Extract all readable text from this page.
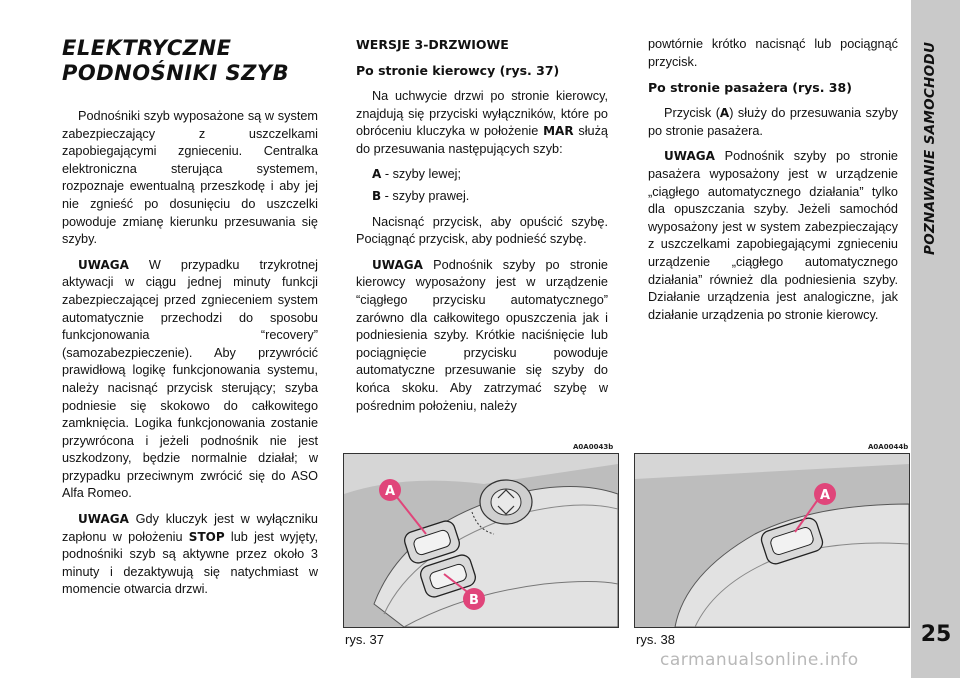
POZNAWANIE SAMOCHODU
25
ELEKTRYCZNE
PODNOŚNIKI SZYB

Podnośniki szyb wyposażone są w system zabezpieczający z uszczelkami zapobiegającymi zgnieceniu. Centralka elektroniczna sterująca systemem, rozpoznaje ewentualną przeszkodę i aby jej nie zgnieść po dosunięciu do uszczelki powoduje zmianę kierunku przesuwania się szyby.

UWAGA W przypadku trzykrotnej aktywacji w ciągu jednej minuty funkcji zabezpieczającej przed zgnieceniem system automatycznie przechodzi do sposobu funkcjonowania “recovery” (samozabezpieczenie). Aby przywrócić prawidłową logikę funkcjonowania systemu, należy nacisnąć przycisk sterujący; szyba podniesie się skokowo do całkowitego zamknięcia. Logika funkcjonowania zostanie przywrócona i jeżeli podnośnik nie jest uszkodzony, będzie normalnie działał; w przypadku przeciwnym zwrócić się do ASO Alfa Romeo.

UWAGA Gdy kluczyk jest w wyłączniku zapłonu w położeniu STOP lub jest wyjęty, podnośniki szyb są aktywne przez około 3 minuty i dezaktywują się natychmiast w momencie otwarcia drzwi.

WERSJE 3-DRZWIOWE
Po stronie kierowcy (rys. 37)

Na uchwycie drzwi po stronie kierowcy, znajdują się przyciski wyłączników, które po obróceniu kluczyka w położenie MAR służą do przesuwania następujących szyb:

A - szyby lewej;
B - szyby prawej.

Nacisnąć przycisk, aby opuścić szybę. Pociągnąć przycisk, aby podnieść szybę.

UWAGA Podnośnik szyby po stronie kierowcy wyposażony jest w urządzenie “ciągłego przycisku automatycznego” zarówno dla całkowitego opuszczenia jak i podniesienia szyby. Krótkie naciśnięcie lub pociągnięcie przycisku powoduje automatyczne przesuwanie się szyby do końca skoku. Aby zatrzymać szybę w pośrednim położeniu, należy

powtórnie krótko nacisnąć lub pociągnąć przycisk.

Po stronie pasażera (rys. 38)

Przycisk (A) służy do przesuwania szyby po stronie pasażera.

UWAGA Podnośnik szyby po stronie pasażera wyposażony jest w urządzenie „ciągłego automatycznego działania” tylko dla opuszczania szyby. Jeżeli samochód wyposażony jest w system zabezpieczający z uszczelkami zapobiegającymi zgnieceniu urządzenie „ciągłego automatycznego działania” również dla podniesienia szyby. Działanie urządzenia jest analogiczne, jak działanie urządzenia po stronie kierowcy.

A0A0043b
A
B
rys. 37
A0A0044b
A
rys. 38
carmanualsonline.info
